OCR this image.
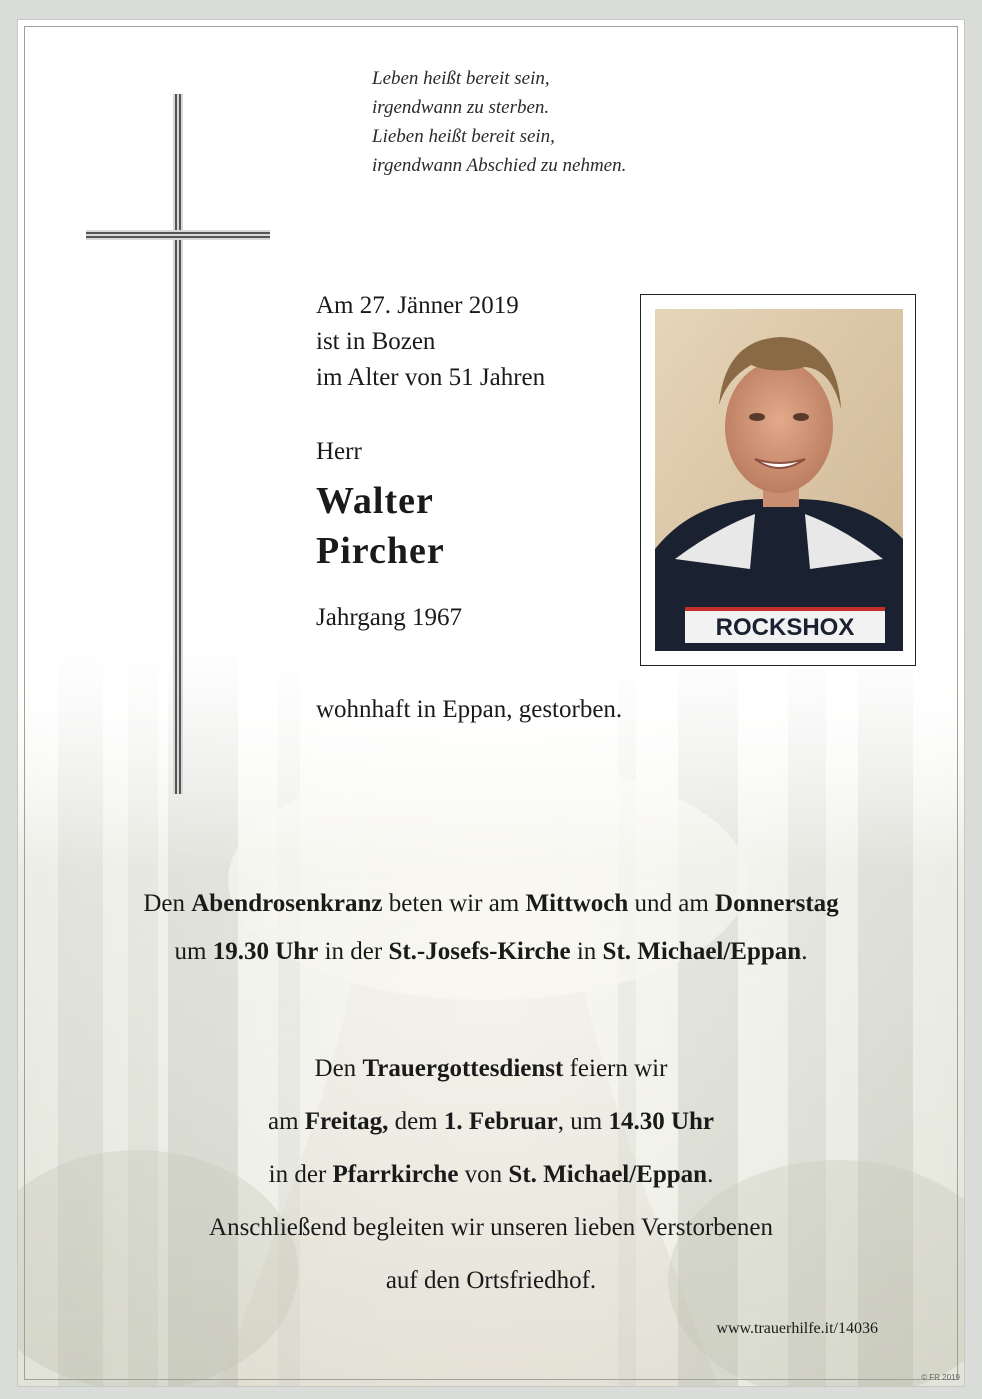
Leben heißt bereit sein,
irgendwann zu sterben.
Lieben heißt bereit sein,
irgendwann Abschied zu nehmen.
Am 27. Jänner 2019
ist in Bozen
im Alter von 51 Jahren
Herr
Walter
Pircher
Jahrgang 1967
wohnhaft in Eppan, gestorben.
ROCKSHOX
Den Abendrosenkranz beten wir am Mittwoch und am Donnerstag
um 19.30 Uhr in der St.-Josefs-Kirche in St. Michael/Eppan.
Den Trauergottesdienst feiern wir
am Freitag, dem 1. Februar, um 14.30 Uhr
in der Pfarrkirche von St. Michael/Eppan.
Anschließend begleiten wir unseren lieben Verstorbenen
auf den Ortsfriedhof.
www.trauerhilfe.it/14036
© FR 2019
